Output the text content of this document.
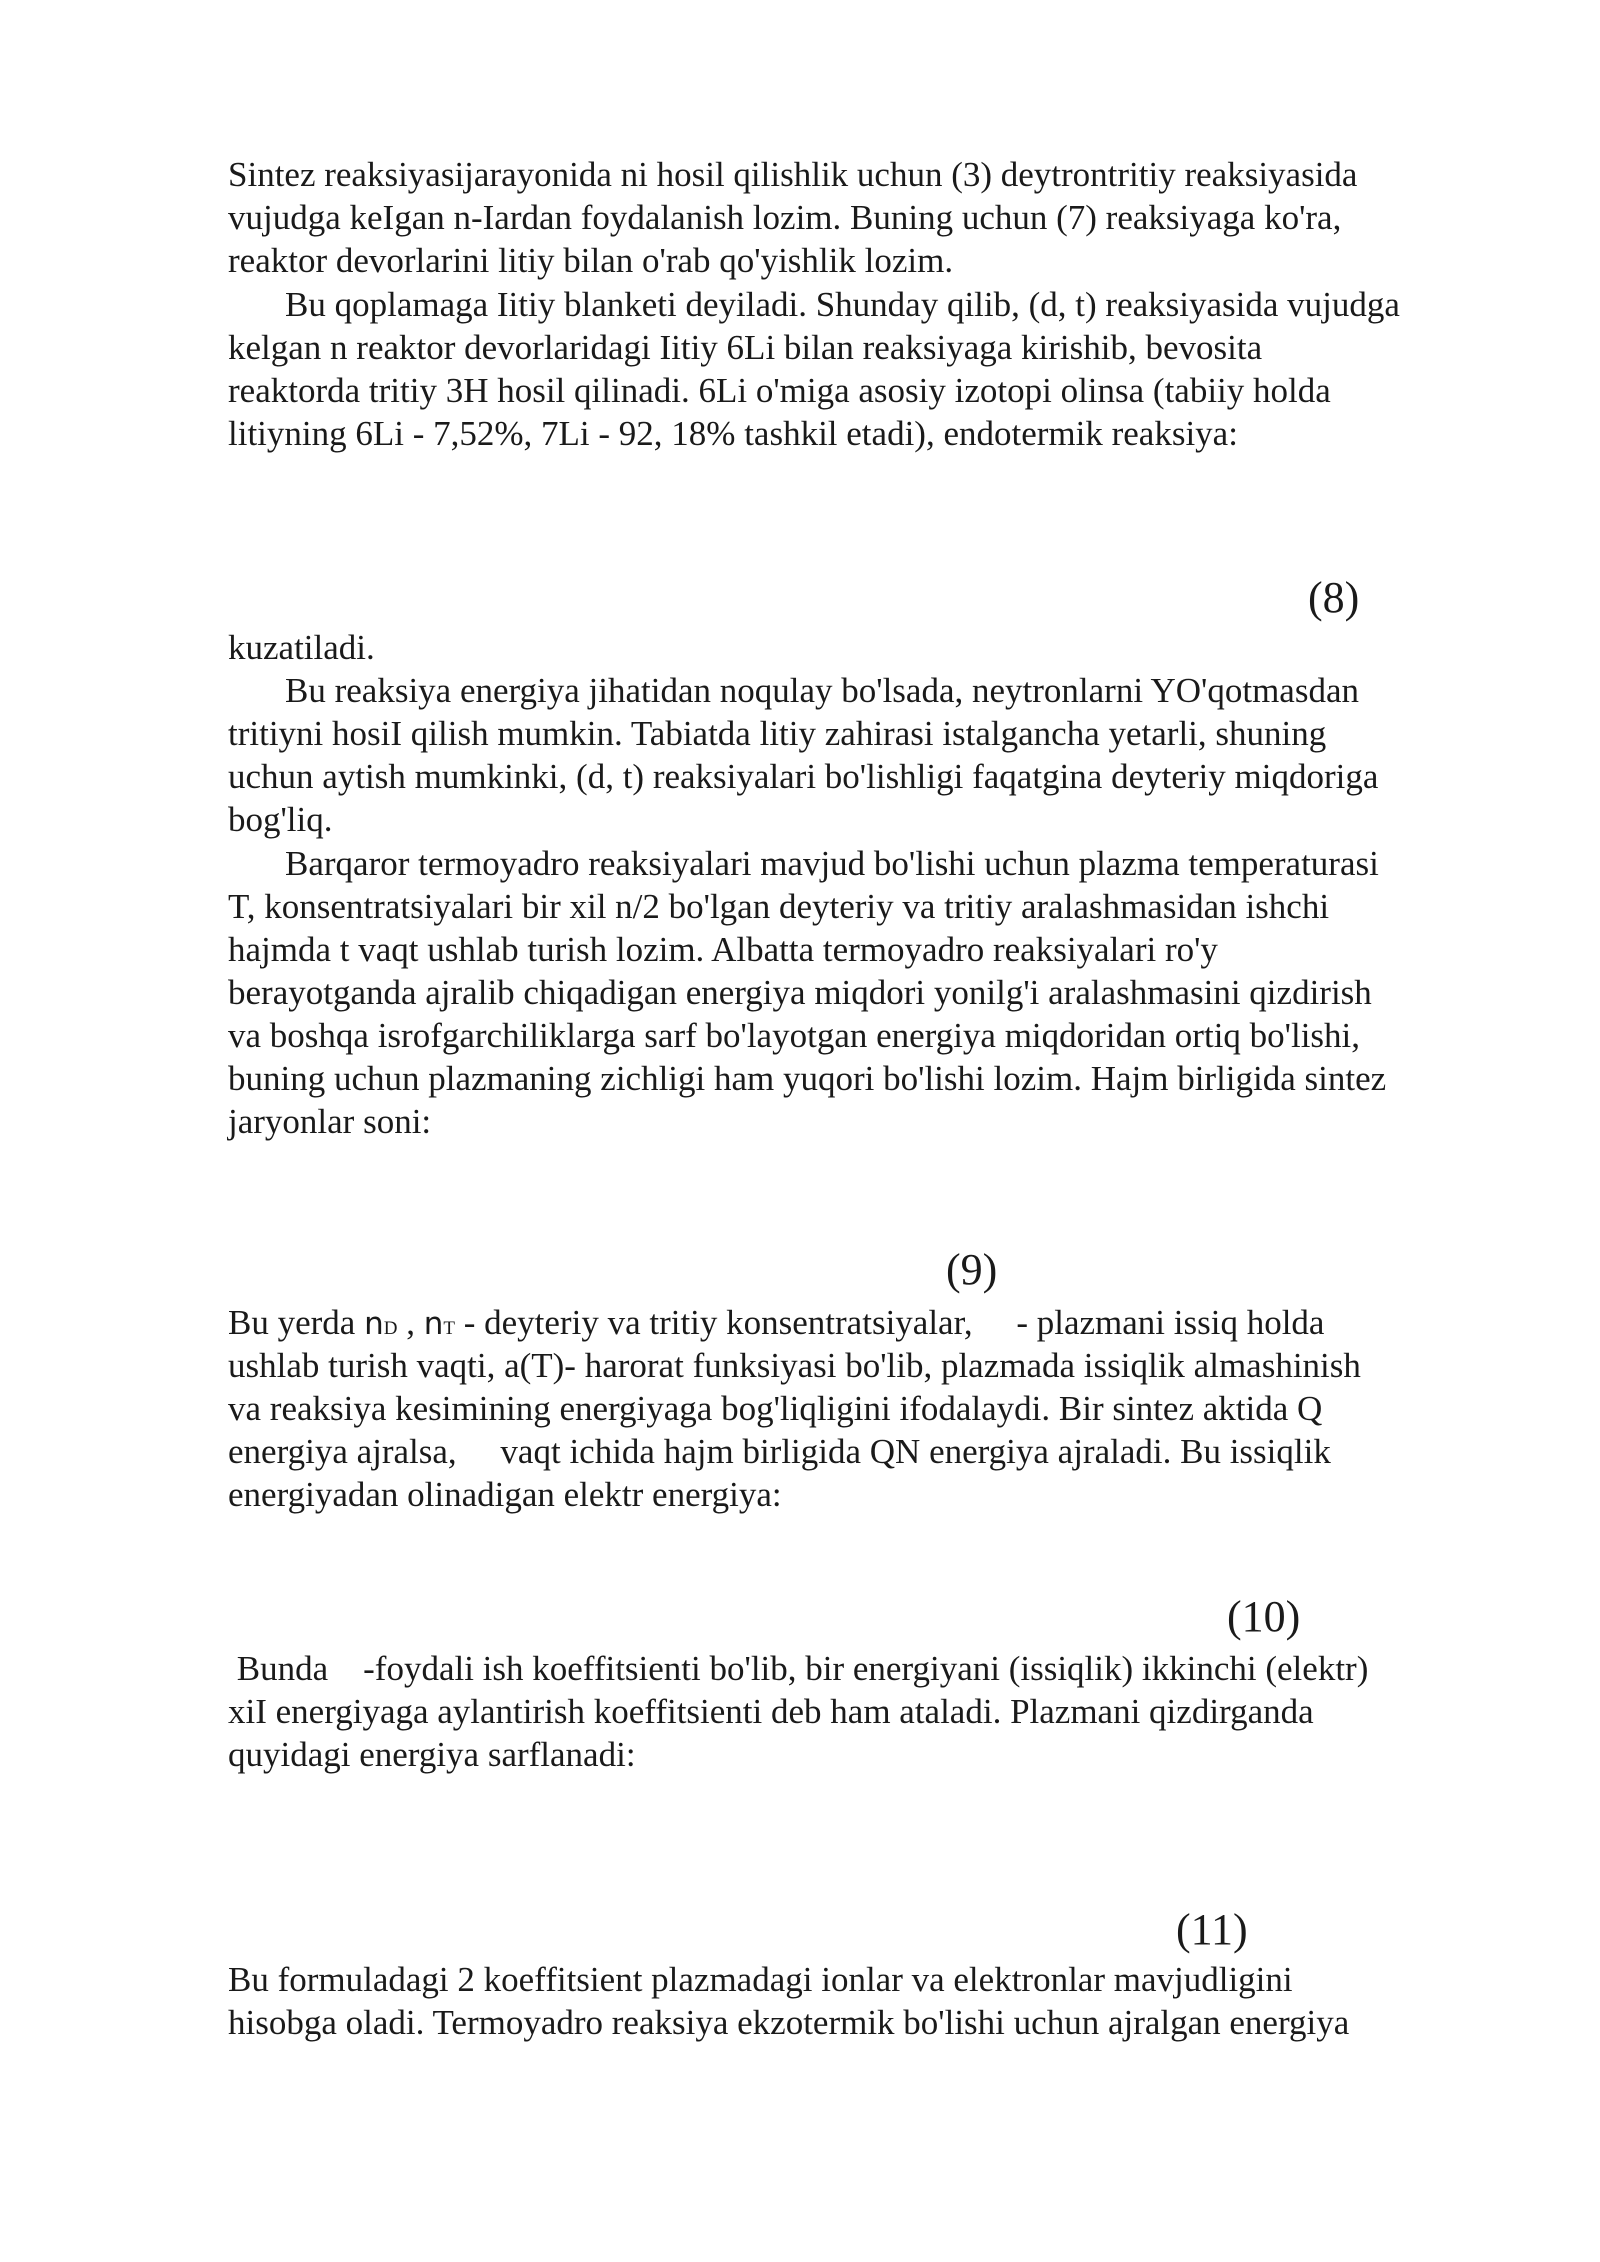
Sintez reaksiyasijarayonida ni hosil qilishlik uchun (3) deytrontritiy reaksiyasida
vujudga keIgan n-Iardan foydalanish lozim. Buning uchun (7) reaksiyaga ko'ra,
reaktor devorlarini litiy bilan o'rab qo'yishlik lozim.
Bu qoplamaga Iitiy blanketi deyiladi. Shunday qilib, (d, t) reaksiyasida vujudga
kelgan n reaktor devorlaridagi Iitiy 6Li bilan reaksiyaga kirishib, bevosita
reaktorda tritiy 3H hosil qilinadi. 6Li o'miga asosiy izotopi olinsa (tabiiy holda
litiyning 6Li - 7,52%, 7Li - 92, 18% tashkil etadi), endotermik reaksiya:
(8)
kuzatiladi.
Bu reaksiya energiya jihatidan noqulay bo'lsada, neytronlarni YO'qotmasdan
tritiyni hosiI qilish mumkin. Tabiatda litiy zahirasi istalgancha yetarli, shuning
uchun aytish mumkinki, (d, t) reaksiyalari bo'lishligi faqatgina deyteriy miqdoriga
bog'liq.
Barqaror termoyadro reaksiyalari mavjud bo'lishi uchun plazma temperaturasi
T, konsentratsiyalari bir xil n/2 bo'lgan deyteriy va tritiy aralashmasidan ishchi
hajmda t vaqt ushlab turish lozim. Albatta termoyadro reaksiyalari ro'y
berayotganda ajralib chiqadigan energiya miqdori yonilg'i aralashmasini qizdirish
va boshqa isrofgarchiliklarga sarf bo'layotgan energiya miqdoridan ortiq bo'lishi,
buning uchun plazmaning zichligi ham yuqori bo'lishi lozim. Hajm birligida sintez
jaryonlar soni:
(9)
Bu yerda nD , nT - deyteriy va tritiy konsentratsiyalar,     - plazmani issiq holda
ushlab turish vaqti, a(T)- harorat funksiyasi bo'lib, plazmada issiqlik almashinish
va reaksiya kesimining energiyaga bog'liqligini ifodalaydi. Bir sintez aktida Q
energiya ajralsa,     vaqt ichida hajm birligida QN energiya ajraladi. Bu issiqlik
energiyadan olinadigan elektr energiya:
(10)
Bunda    -foydali ish koeffitsienti bo'lib, bir energiyani (issiqlik) ikkinchi (elektr)
xiI energiyaga aylantirish koeffitsienti deb ham ataladi. Plazmani qizdirganda
quyidagi energiya sarflanadi:
(11)
Bu formuladagi 2 koeffitsient plazmadagi ionlar va elektronlar mavjudligini
hisobga oladi. Termoyadro reaksiya ekzotermik bo'lishi uchun ajralgan energiya
